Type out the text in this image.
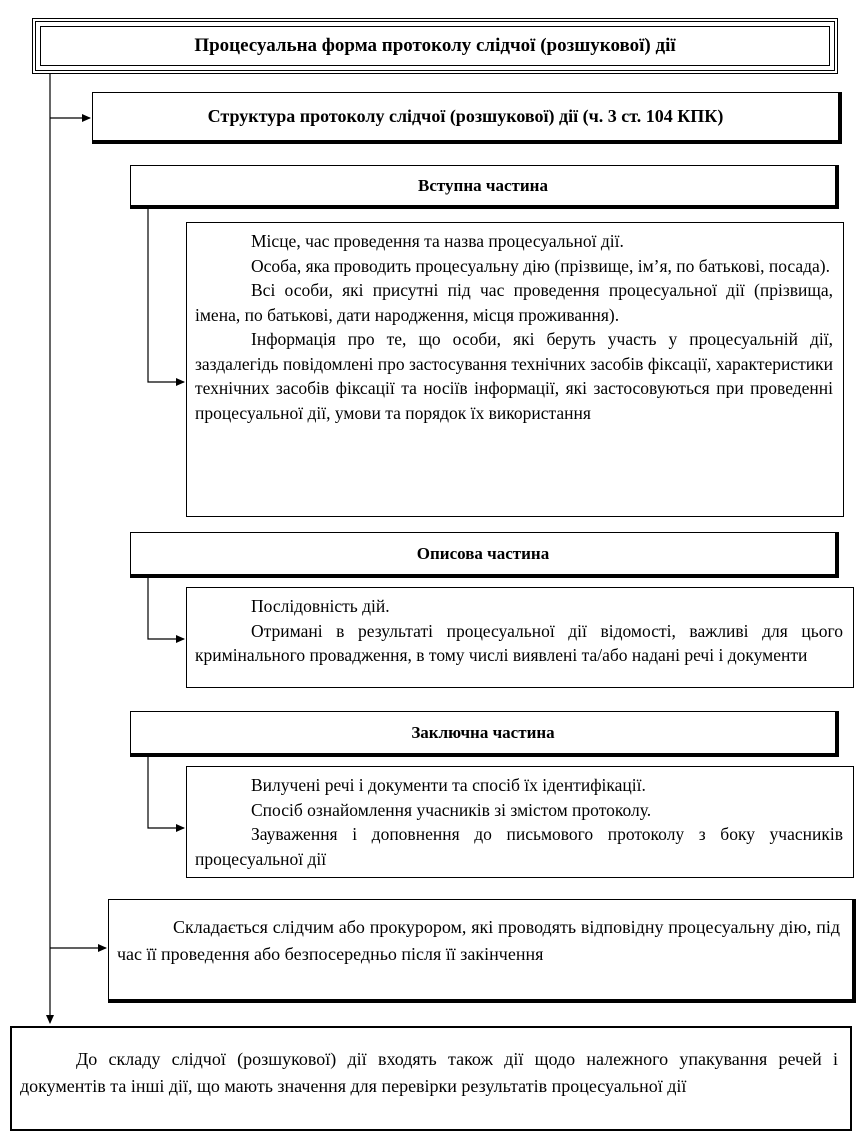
Процесуальна форма протоколу слідчої (розшукової) дії
Структура протоколу слідчої (розшукової) дії (ч. 3 ст. 104 КПК)
Вступна частина

Місце, час проведення та назва процесуальної дії.

Особа, яка проводить процесуальну дію (прізвище, ім’я, по батькові, посада).

Всі особи, які присутні під час проведення процесуальної дії (прізвища, імена, по батькові, дати народження, місця проживання).

Інформація про те, що особи, які беруть участь у процесуальній дії, заздалегідь повідомлені про застосування технічних засобів фіксації, характеристики технічних засобів фіксації та носіїв інформації, які застосовуються при проведенні процесуальної дії, умови та порядок їх використання

Описова частина

Послідовність дій.

Отримані в результаті процесуальної дії відомості, важливі для цього кримінального провадження, в тому числі виявлені та/або надані речі і документи

Заключна частина

Вилучені речі і документи та спосіб їх ідентифікації.

Спосіб ознайомлення учасників зі змістом протоколу.

Зауваження і доповнення до письмового протоколу з боку учасників процесуальної дії

Складається слідчим або прокурором, які проводять відповідну процесуальну дію, під час її проведення або безпосередньо після її закінчення

До складу слідчої (розшукової) дії входять також дії щодо належного упакування речей і документів та інші дії, що мають значення для перевірки результатів процесуальної дії
